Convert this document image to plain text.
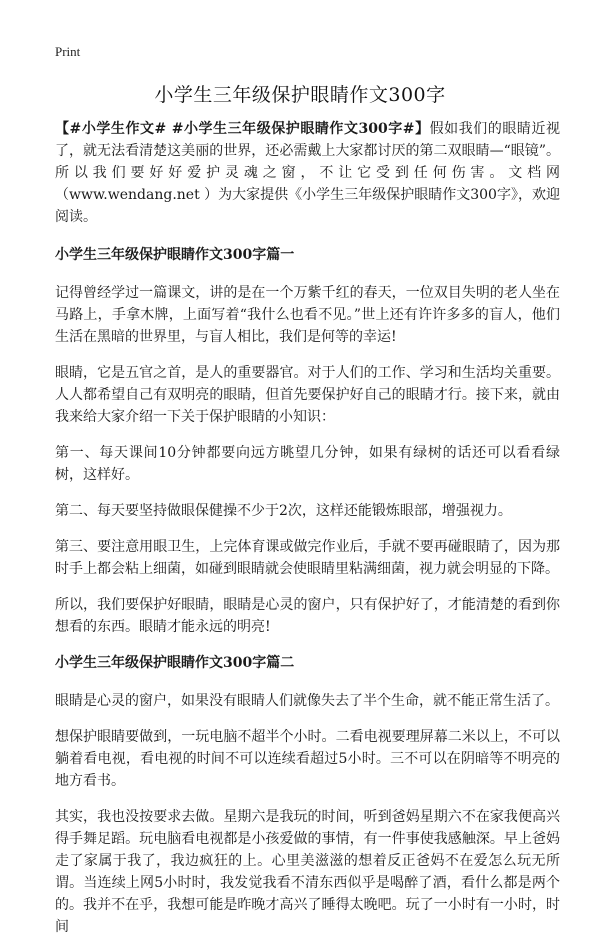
Print
小学生三年级保护眼睛作文300字

【#小学生作文# #小学生三年级保护眼睛作文300字#】假如我们的眼睛近视了，就无法看清楚这美丽的世界，还必需戴上大家都讨厌的第二双眼睛—“眼镜”。所以我们要好好爱护灵魂之窗，不让它受到任何伤害。文档网（www.wendang.net ）为大家提供《小学生三年级保护眼睛作文300字》，欢迎阅读。

小学生三年级保护眼睛作文300字篇一

记得曾经学过一篇课文，讲的是在一个万紫千红的春天，一位双目失明的老人坐在马路上，手拿木牌，上面写着“我什么也看不见。”世上还有许许多多的盲人，他们生活在黑暗的世界里，与盲人相比，我们是何等的幸运!

眼睛，它是五官之首，是人的重要器官。对于人们的工作、学习和生活均关重要。人人都希望自己有双明亮的眼睛，但首先要保护好自己的眼睛才行。接下来，就由我来给大家介绍一下关于保护眼睛的小知识：

第一、每天课间10分钟都要向远方眺望几分钟，如果有绿树的话还可以看看绿树，这样好。

第二、每天要坚持做眼保健操不少于2次，这样还能锻炼眼部，增强视力。

第三、要注意用眼卫生，上完体育课或做完作业后，手就不要再碰眼睛了，因为那时手上都会粘上细菌，如碰到眼睛就会使眼睛里粘满细菌，视力就会明显的下降。

所以，我们要保护好眼睛，眼睛是心灵的窗户，只有保护好了，才能清楚的看到你想看的东西。眼睛才能永远的明亮!

小学生三年级保护眼睛作文300字篇二

眼睛是心灵的窗户，如果没有眼睛人们就像失去了半个生命，就不能正常生活了。

想保护眼睛要做到，一玩电脑不超半个小时。二看电视要理屏幕二米以上，不可以躺着看电视，看电视的时间不可以连续看超过5小时。三不可以在阴暗等不明亮的地方看书。

其实，我也没按要求去做。星期六是我玩的时间，听到爸妈星期六不在家我便高兴得手舞足蹈。玩电脑看电视都是小孩爱做的事情，有一件事使我感触深。早上爸妈走了家属于我了，我边疯狂的上。心里美滋滋的想着反正爸妈不在爱怎么玩无所谓。当连续上网5小时时，我发觉我看不清东西似乎是喝醉了酒，看什么都是两个的。我并不在乎，我想可能是昨晚才高兴了睡得太晚吧。玩了一小时有一小时，时间
